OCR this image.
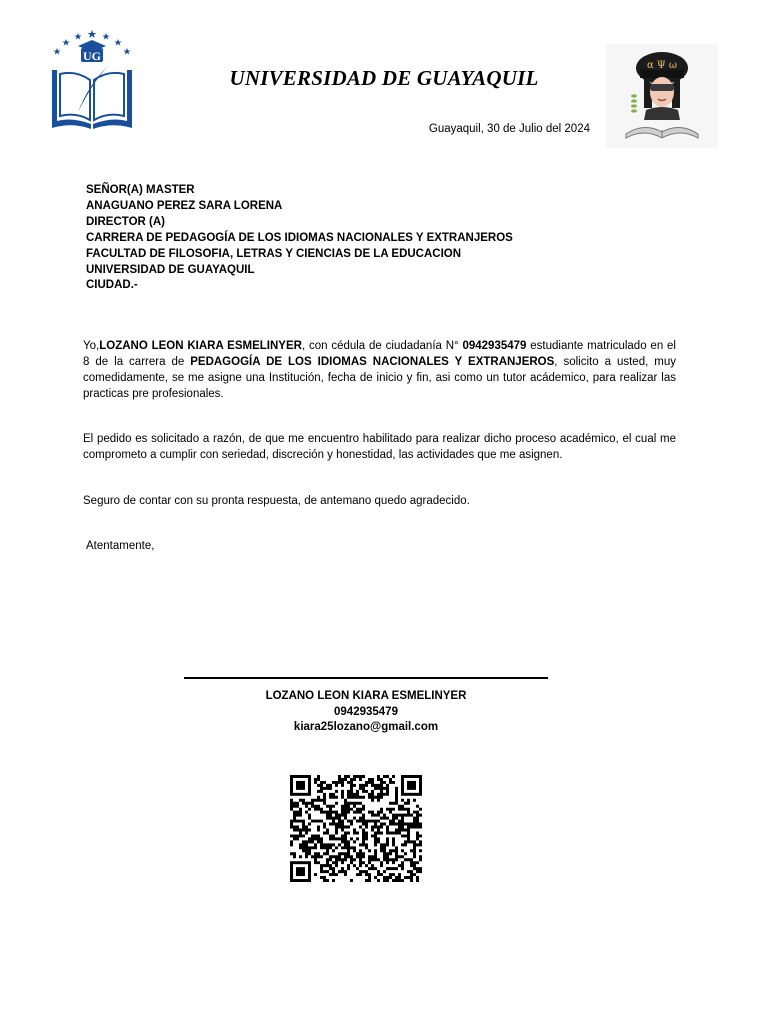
UG
α Ψ ω
UNIVERSIDAD DE GUAYAQUIL
Guayaquil, 30 de Julio del 2024
SEÑOR(A) MASTER
ANAGUANO PEREZ SARA LORENA
DIRECTOR (A)
CARRERA DE PEDAGOGÍA DE LOS IDIOMAS NACIONALES Y EXTRANJEROS
FACULTAD DE FILOSOFIA, LETRAS Y CIENCIAS DE LA EDUCACION
UNIVERSIDAD DE GUAYAQUIL
CIUDAD.-
Yo,LOZANO LEON KIARA ESMELINYER, con cédula de ciudadanía N° 0942935479 estudiante matriculado en el 8 de la carrera de PEDAGOGÍA DE LOS IDIOMAS NACIONALES Y EXTRANJEROS, solicito a usted, muy comedidamente, se me asigne una Institución, fecha de inicio y fin, asi como un tutor acádemico, para realizar las practicas pre profesionales.
El pedido es solicitado a razón, de que me encuentro habilitado para realizar dicho proceso académico, el cual me comprometo a cumplir con seriedad, discreción y honestidad, las actividades que me asignen.
Seguro de contar con su pronta respuesta, de antemano quedo agradecido.
Atentamente,
LOZANO LEON KIARA ESMELINYER
0942935479
kiara25lozano@gmail.com
